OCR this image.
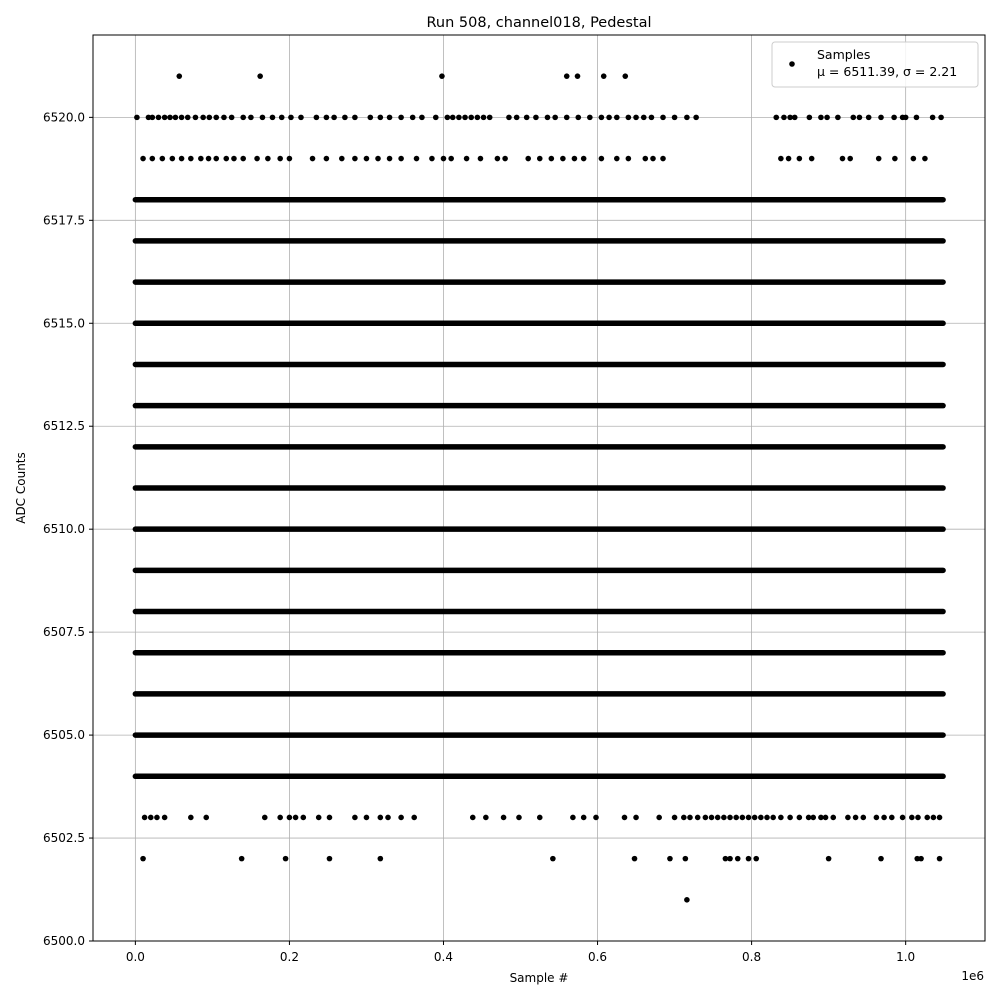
Run 508, channel018, Pedestal
0.0	0.2	0.4	0.6	0.8	1.0
6500.0
6502.5
6505.0
6507.5
6510.0
6512.5
6515.0
6517.5
6520.0
Sample #
ADC Counts
1e6
Samples
μ = 6511.39, σ = 2.21
